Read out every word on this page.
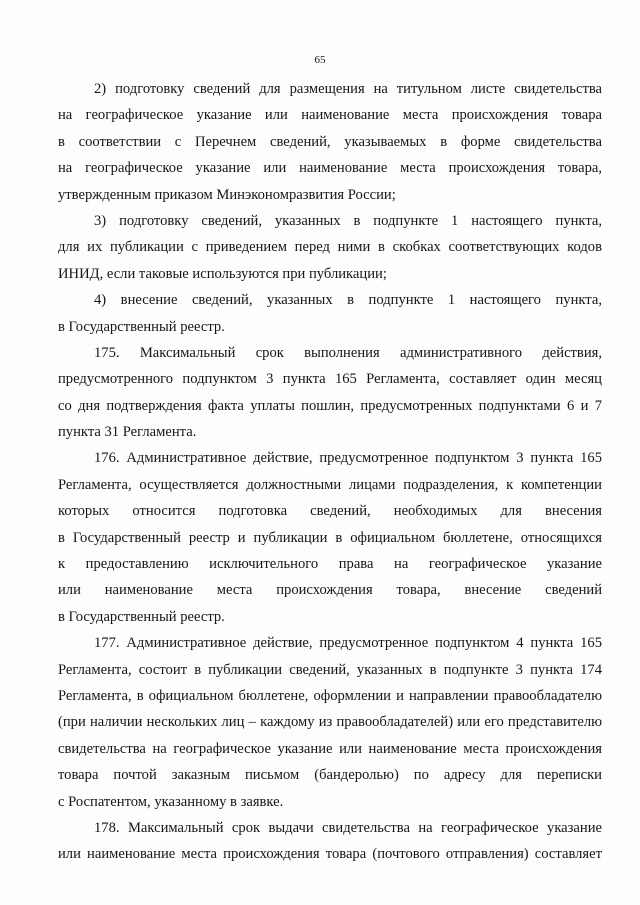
65
2) подготовку сведений для размещения на титульном листе свидетельства
на географическое указание или наименование места происхождения товара
в соответствии с Перечнем сведений, указываемых в форме свидетельства
на географическое указание или наименование места происхождения товара,
утвержденным приказом Минэкономразвития России;
3) подготовку сведений, указанных в подпункте 1 настоящего пункта,
для их публикации с приведением перед ними в скобках соответствующих кодов
ИНИД, если таковые используются при публикации;
4) внесение сведений, указанных в подпункте 1 настоящего пункта,
в Государственный реестр.
175. Максимальный срок выполнения административного действия,
предусмотренного подпунктом 3 пункта 165 Регламента, составляет один месяц
со дня подтверждения факта уплаты пошлин, предусмотренных подпунктами 6 и 7
пункта 31 Регламента.
176. Административное действие, предусмотренное подпунктом 3 пункта 165
Регламента, осуществляется должностными лицами подразделения, к компетенции
которых относится подготовка сведений, необходимых для внесения
в Государственный реестр и публикации в официальном бюллетене, относящихся
к предоставлению исключительного права на географическое указание
или наименование места происхождения товара, внесение сведений
в Государственный реестр.
177. Административное действие, предусмотренное подпунктом 4 пункта 165
Регламента, состоит в публикации сведений, указанных в подпункте 3 пункта 174
Регламента, в официальном бюллетене, оформлении и направлении правообладателю
(при наличии нескольких лиц – каждому из правообладателей) или его представителю
свидетельства на географическое указание или наименование места происхождения
товара почтой заказным письмом (бандеролью) по адресу для переписки
с Роспатентом, указанному в заявке.
178. Максимальный срок выдачи свидетельства на географическое указание
или наименование места происхождения товара (почтового отправления) составляет
